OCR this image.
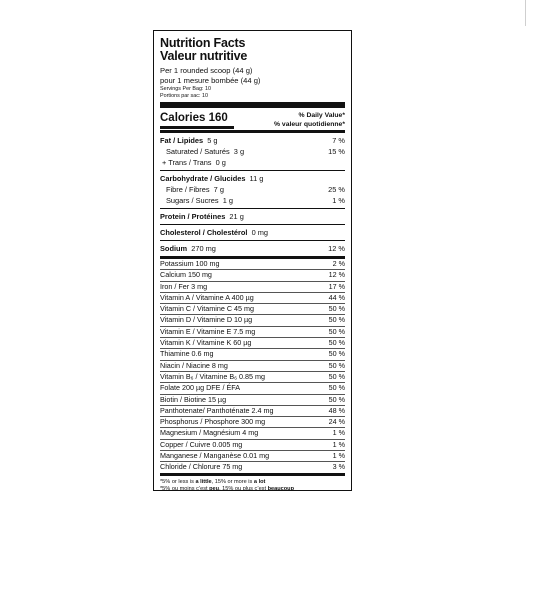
Nutrition Facts
Valeur nutritive
Per 1 rounded scoop (44 g)
pour 1 mesure bombée (44 g)
Servings Per Bag: 10
Portions par sac: 10
Calories 160	% Daily Value*
% valeur quotidienne*
Fat / Lipides 5 g	7 %
Saturated / Saturés 3 g	15 %
+ Trans / Trans 0 g
Carbohydrate / Glucides 11 g
Fibre / Fibres 7 g	25 %
Sugars / Sucres 1 g	1 %
Protein / Protéines 21 g
Cholesterol / Cholestérol 0 mg
Sodium 270 mg	12 %
Potassium 100 mg	2 %
Calcium 150 mg	12 %
Iron / Fer 3 mg	17 %
Vitamin A / Vitamine A 400 µg	44 %
Vitamin C / Vitamine C 45 mg	50 %
Vitamin D / Vitamine D 10 µg	50 %
Vitamin E / Vitamine E 7.5 mg	50 %
Vitamin K / Vitamine K 60 µg	50 %
Thiamine 0.6 mg	50 %
Niacin / Niacine 8 mg	50 %
Vitamin B₆ / Vitamine B₆ 0.85 mg	50 %
Folate 200 µg DFE / ÉFA	50 %
Biotin / Biotine 15 µg	50 %
Panthotenate/ Panthoténate 2.4 mg	48 %
Phosphorus / Phosphore 300 mg	24 %
Magnesium / Magnésium 4 mg	1 %
Copper / Cuivre 0.005 mg	1 %
Manganese / Manganèse 0.01 mg	1 %
Chloride / Chlorure 75 mg	3 %
*5% or less is a little, 15% or more is a lot
*5% ou moins c’est peu, 15% ou plus c’est beaucoup
